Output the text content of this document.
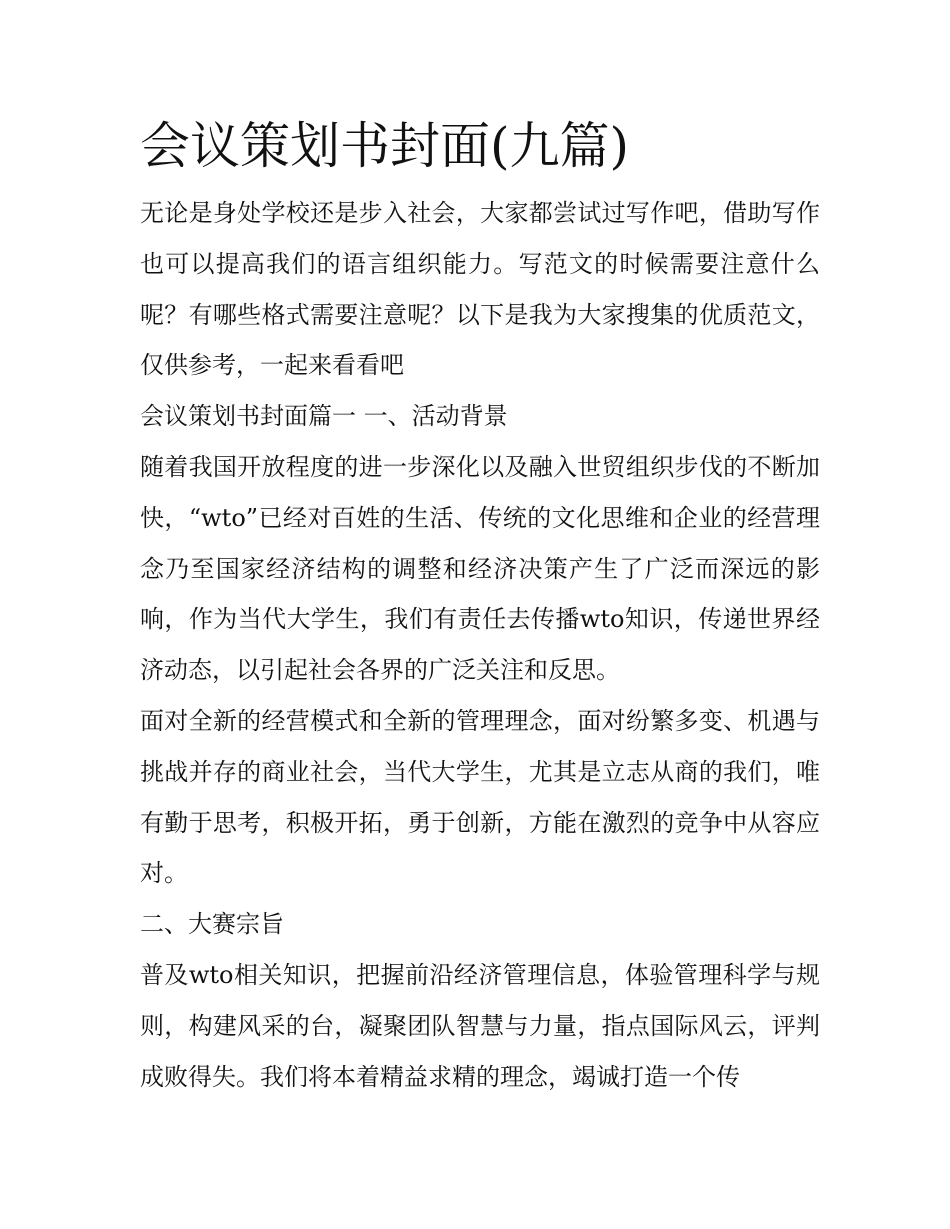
会议策划书封面(九篇)

无论是身处学校还是步入社会，大家都尝试过写作吧，借助写作也可以提高我们的语言组织能力。写范文的时候需要注意什么呢？有哪些格式需要注意呢？以下是我为大家搜集的优质范文，仅供参考，一起来看看吧

会议策划书封面篇一 一、活动背景

随着我国开放程度的进一步深化以及融入世贸组织步伐的不断加快，“wto”已经对百姓的生活、传统的文化思维和企业的经营理念乃至国家经济结构的调整和经济决策产生了广泛而深远的影响，作为当代大学生，我们有责任去传播wto知识，传递世界经济动态，以引起社会各界的广泛关注和反思。

面对全新的经营模式和全新的管理理念，面对纷繁多变、机遇与挑战并存的商业社会，当代大学生，尤其是立志从商的我们，唯有勤于思考，积极开拓，勇于创新，方能在激烈的竞争中从容应对。

二、大赛宗旨

普及wto相关知识，把握前沿经济管理信息，体验管理科学与规则，构建风采的台，凝聚团队智慧与力量，指点国际风云，评判成败得失。我们将本着精益求精的理念，竭诚打造一个传
